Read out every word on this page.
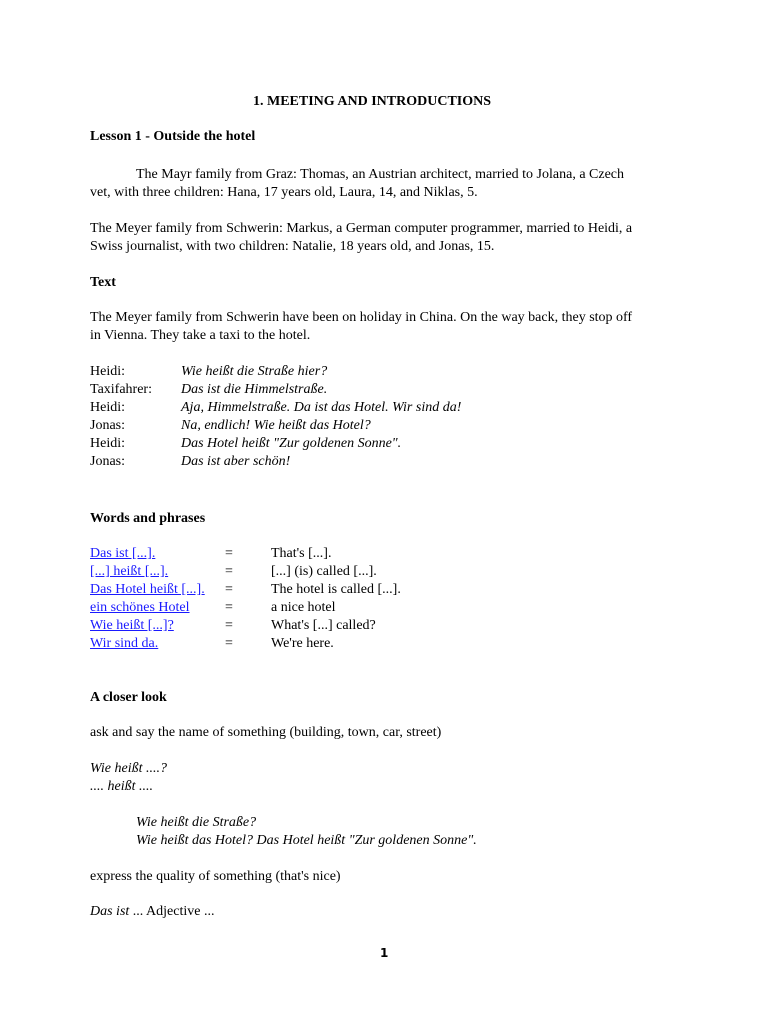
1. MEETING AND INTRODUCTIONS
Lesson 1 - Outside the hotel
The Mayr family from Graz: Thomas, an Austrian architect, married to Jolana, a Czech
vet, with three children: Hana, 17 years old, Laura, 14, and Niklas, 5.
The Meyer family from Schwerin: Markus, a German computer programmer, married to Heidi, a
Swiss journalist, with two children: Natalie, 18 years old, and Jonas, 15.
Text
The Meyer family from Schwerin have been on holiday in China. On the way back, they stop off
in Vienna. They take a taxi to the hotel.
Heidi:	Wie heißt die Straße hier?
Taxifahrer: Das ist die Himmelstraße.
Heidi:	Aja, Himmelstraße. Da ist das Hotel. Wir sind da!
Jonas:	Na, endlich! Wie heißt das Hotel?
Heidi:	Das Hotel heißt "Zur goldenen Sonne".
Jonas:	Das ist aber schön!
Words and phrases
Das ist [...].	=	That's [...].
[...] heißt [...].	=	[...] (is) called [...].
Das Hotel heißt [...]. =	The hotel is called [...].
ein schönes Hotel	=	a nice hotel
Wie heißt [...]?	=	What's [...] called?
Wir sind da.	=	We're here.
A closer look
ask and say the name of something (building, town, car, street)
Wie heißt ....?
.... heißt ....
Wie heißt die Straße?
Wie heißt das Hotel? Das Hotel heißt "Zur goldenen Sonne".
express the quality of something (that's nice)
Das ist ... Adjective ...
1
